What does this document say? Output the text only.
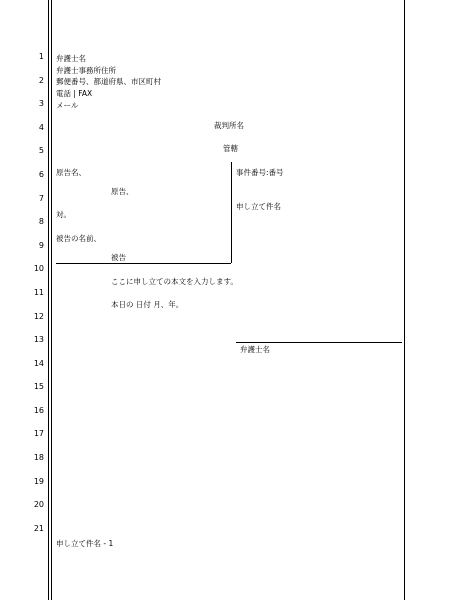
1
2
3
4
5
6
7
8
9
10
11
12
13
14
15
16
17
18
19
20
21
弁護士名
弁護士事務所住所
郵便番号、都道府県、市区町村
電話 | FAX
メール
裁判所名
管轄
原告名、
原告、
対。
被告の名前、
被告
事件番号:番号
申し立て件名
ここに申し立ての本文を入力します。
本日の 日付 月、年。
弁護士名
申し立て件名 - 1
